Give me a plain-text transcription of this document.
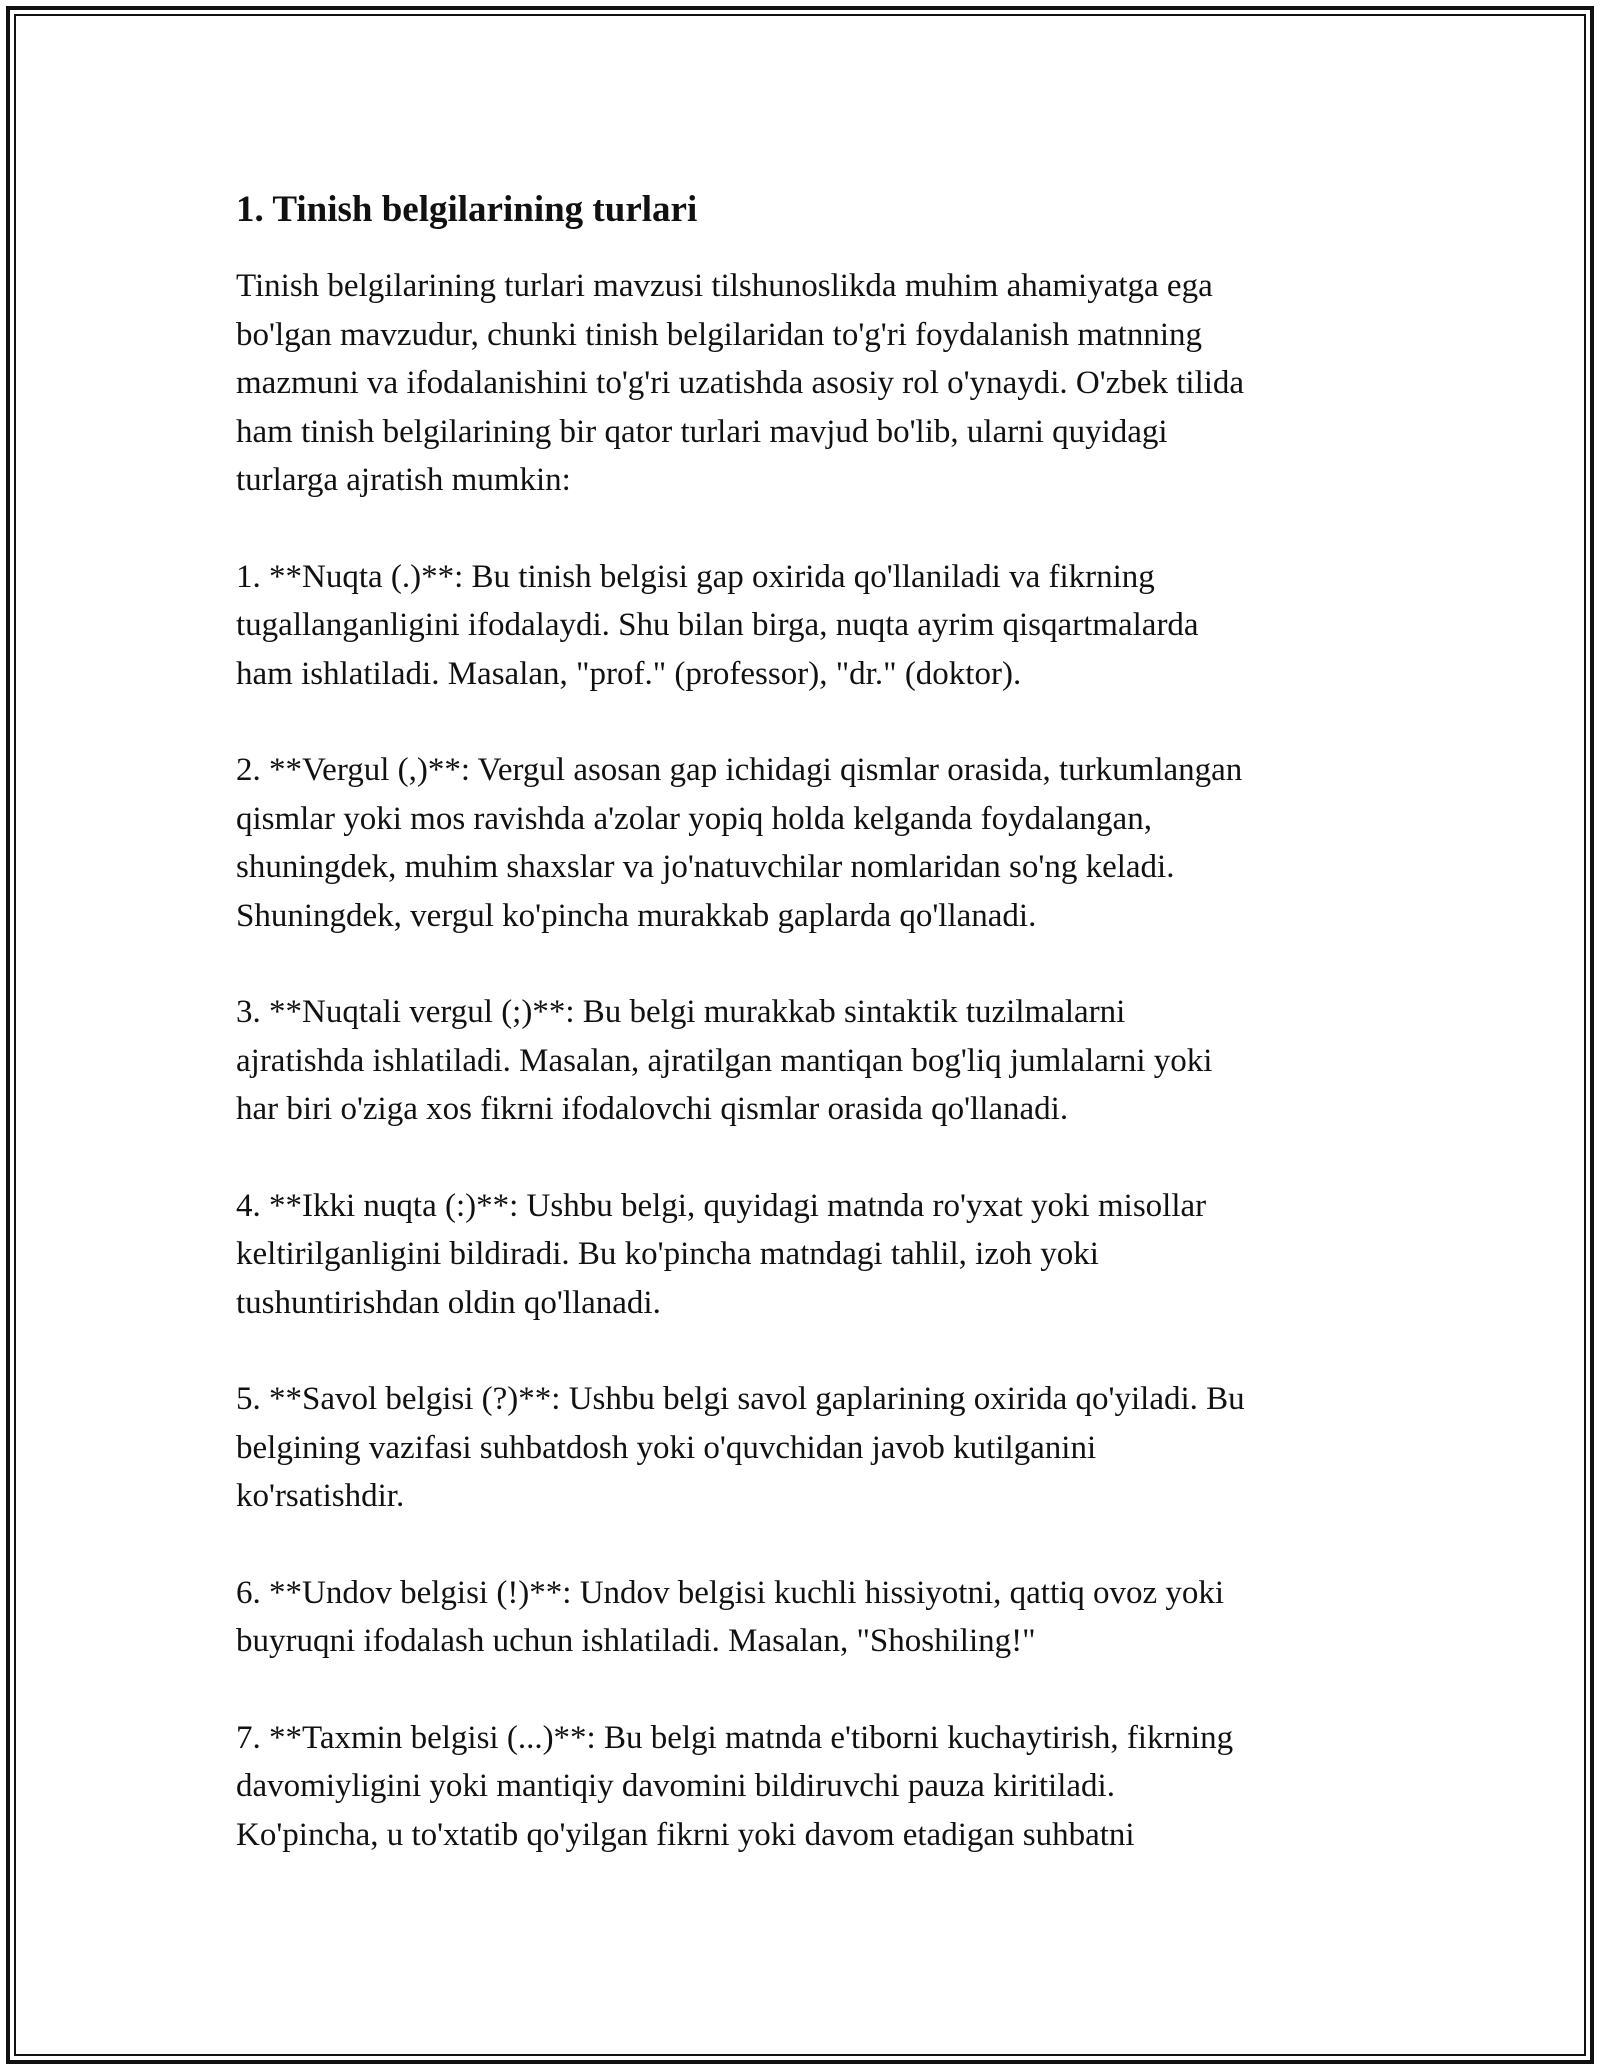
1. Tinish belgilarining turlari

Tinish belgilarining turlari mavzusi tilshunoslikda muhim ahamiyatga ega
bo'lgan mavzudur, chunki tinish belgilaridan to'g'ri foydalanish matnning
mazmuni va ifodalanishini to'g'ri uzatishda asosiy rol o'ynaydi. O'zbek tilida
ham tinish belgilarining bir qator turlari mavjud bo'lib, ularni quyidagi
turlarga ajratish mumkin:

1. **Nuqta (.)**: Bu tinish belgisi gap oxirida qo'llaniladi va fikrning
tugallanganligini ifodalaydi. Shu bilan birga, nuqta ayrim qisqartmalarda
ham ishlatiladi. Masalan, "prof." (professor), "dr." (doktor).

2. **Vergul (,)**: Vergul asosan gap ichidagi qismlar orasida, turkumlangan
qismlar yoki mos ravishda a'zolar yopiq holda kelganda foydalangan,
shuningdek, muhim shaxslar va jo'natuvchilar nomlaridan so'ng keladi.
Shuningdek, vergul ko'pincha murakkab gaplarda qo'llanadi.

3. **Nuqtali vergul (;)**: Bu belgi murakkab sintaktik tuzilmalarni
ajratishda ishlatiladi. Masalan, ajratilgan mantiqan bog'liq jumlalarni yoki
har biri o'ziga xos fikrni ifodalovchi qismlar orasida qo'llanadi.

4. **Ikki nuqta (:)**: Ushbu belgi, quyidagi matnda ro'yxat yoki misollar
keltirilganligini bildiradi. Bu ko'pincha matndagi tahlil, izoh yoki
tushuntirishdan oldin qo'llanadi.

5. **Savol belgisi (?)**: Ushbu belgi savol gaplarining oxirida qo'yiladi. Bu
belgining vazifasi suhbatdosh yoki o'quvchidan javob kutilganini
ko'rsatishdir.

6. **Undov belgisi (!)**: Undov belgisi kuchli hissiyotni, qattiq ovoz yoki
buyruqni ifodalash uchun ishlatiladi. Masalan, "Shoshiling!"

7. **Taxmin belgisi (...)**: Bu belgi matnda e'tiborni kuchaytirish, fikrning
davomiyligini yoki mantiqiy davomini bildiruvchi pauza kiritiladi.
Ko'pincha, u to'xtatib qo'yilgan fikrni yoki davom etadigan suhbatni
